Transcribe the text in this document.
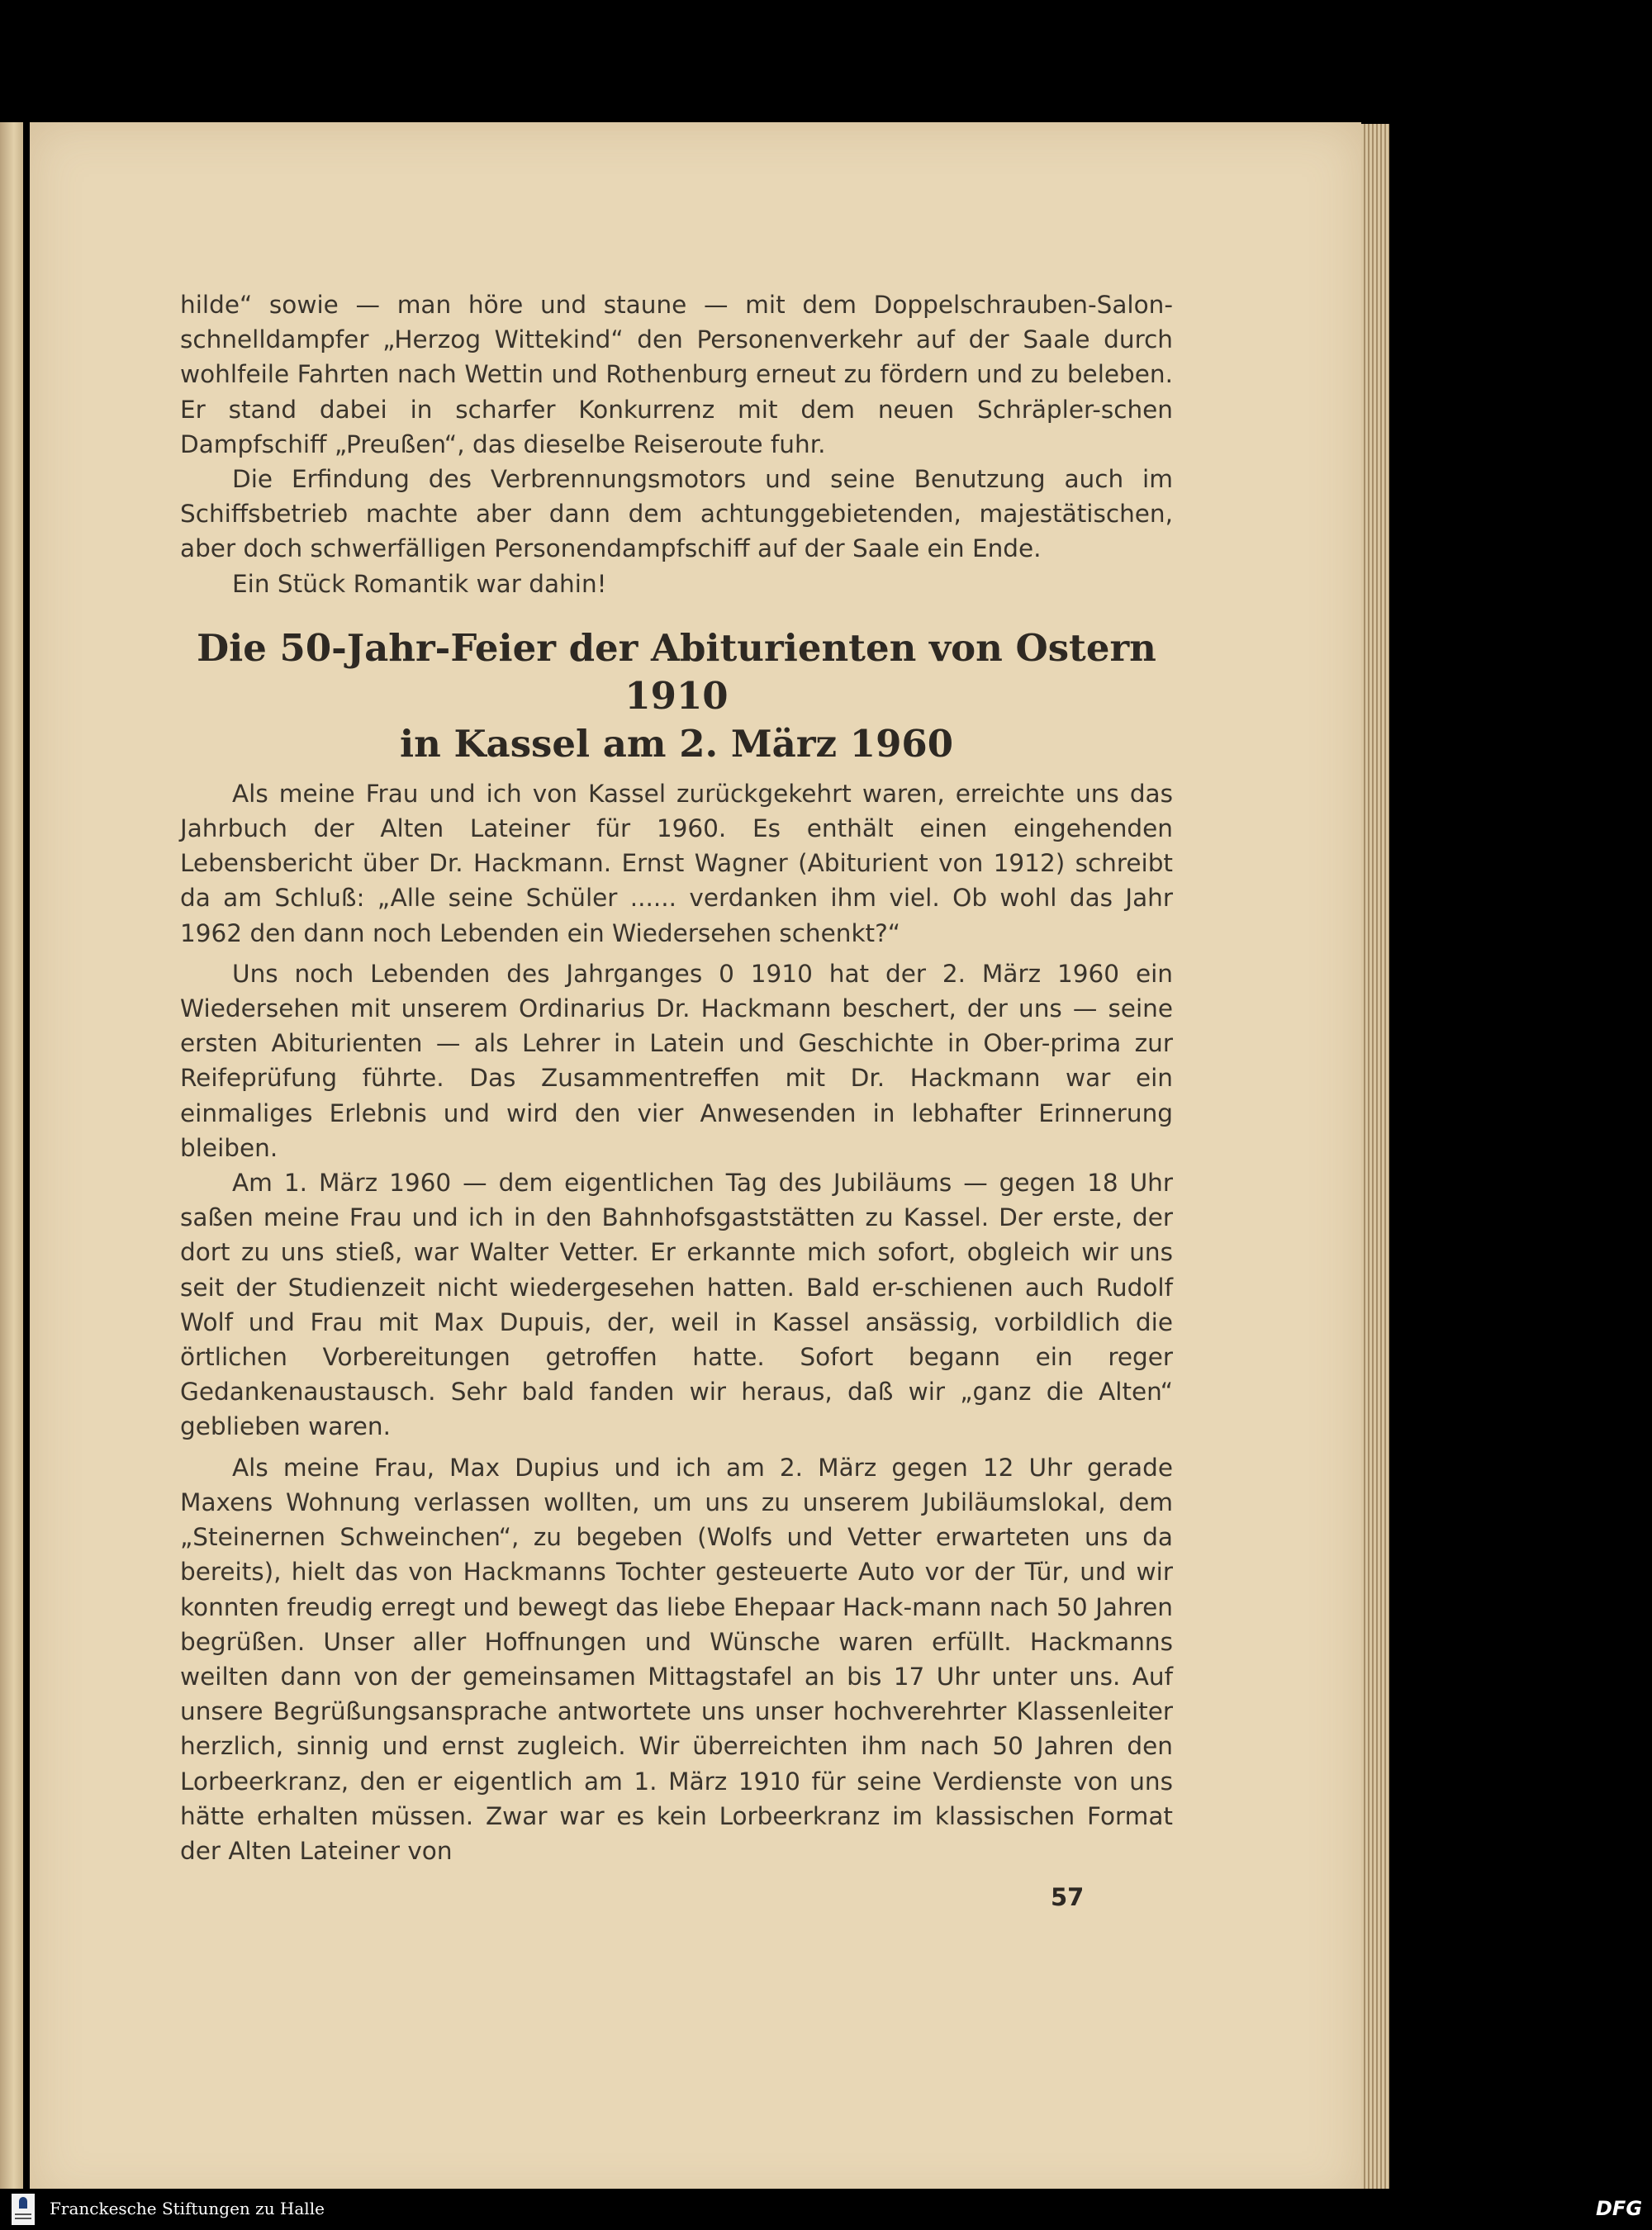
hilde“ sowie — man höre und staune — mit dem Doppelschrauben-Salon-schnelldampfer „Herzog Wittekind“ den Personenverkehr auf der Saale durch wohlfeile Fahrten nach Wettin und Rothenburg erneut zu fördern und zu beleben. Er stand dabei in scharfer Konkurrenz mit dem neuen Schräpler-schen Dampfschiff „Preußen“, das dieselbe Reiseroute fuhr.

Die Erfindung des Verbrennungsmotors und seine Benutzung auch im Schiffsbetrieb machte aber dann dem achtunggebietenden, majestätischen, aber doch schwerfälligen Personendampfschiff auf der Saale ein Ende.

Ein Stück Romantik war dahin!

Die 50-Jahr-Feier der Abiturienten von Ostern 1910
in Kassel am 2. März 1960

Als meine Frau und ich von Kassel zurückgekehrt waren, erreichte uns das Jahrbuch der Alten Lateiner für 1960. Es enthält einen eingehenden Lebensbericht über Dr. Hackmann. Ernst Wagner (Abiturient von 1912) schreibt da am Schluß: „Alle seine Schüler ...... verdanken ihm viel. Ob wohl das Jahr 1962 den dann noch Lebenden ein Wiedersehen schenkt?“

Uns noch Lebenden des Jahrganges 0 1910 hat der 2. März 1960 ein Wiedersehen mit unserem Ordinarius Dr. Hackmann beschert, der uns — seine ersten Abiturienten — als Lehrer in Latein und Geschichte in Ober-prima zur Reifeprüfung führte. Das Zusammentreffen mit Dr. Hackmann war ein einmaliges Erlebnis und wird den vier Anwesenden in lebhafter Erinnerung bleiben.

Am 1. März 1960 — dem eigentlichen Tag des Jubiläums — gegen 18 Uhr saßen meine Frau und ich in den Bahnhofsgaststätten zu Kassel. Der erste, der dort zu uns stieß, war Walter Vetter. Er erkannte mich sofort, obgleich wir uns seit der Studienzeit nicht wiedergesehen hatten. Bald er-schienen auch Rudolf Wolf und Frau mit Max Dupuis, der, weil in Kassel ansässig, vorbildlich die örtlichen Vorbereitungen getroffen hatte. Sofort begann ein reger Gedankenaustausch. Sehr bald fanden wir heraus, daß wir „ganz die Alten“ geblieben waren.

Als meine Frau, Max Dupius und ich am 2. März gegen 12 Uhr gerade Maxens Wohnung verlassen wollten, um uns zu unserem Jubiläumslokal, dem „Steinernen Schweinchen“, zu begeben (Wolfs und Vetter erwarteten uns da bereits), hielt das von Hackmanns Tochter gesteuerte Auto vor der Tür, und wir konnten freudig erregt und bewegt das liebe Ehepaar Hack-mann nach 50 Jahren begrüßen. Unser aller Hoffnungen und Wünsche waren erfüllt. Hackmanns weilten dann von der gemeinsamen Mittagstafel an bis 17 Uhr unter uns. Auf unsere Begrüßungsansprache antwortete uns unser hochverehrter Klassenleiter herzlich, sinnig und ernst zugleich. Wir überreichten ihm nach 50 Jahren den Lorbeerkranz, den er eigentlich am 1. März 1910 für seine Verdienste von uns hätte erhalten müssen. Zwar war es kein Lorbeerkranz im klassischen Format der Alten Lateiner von

57
Franckesche Stiftungen zu Halle	DFG
